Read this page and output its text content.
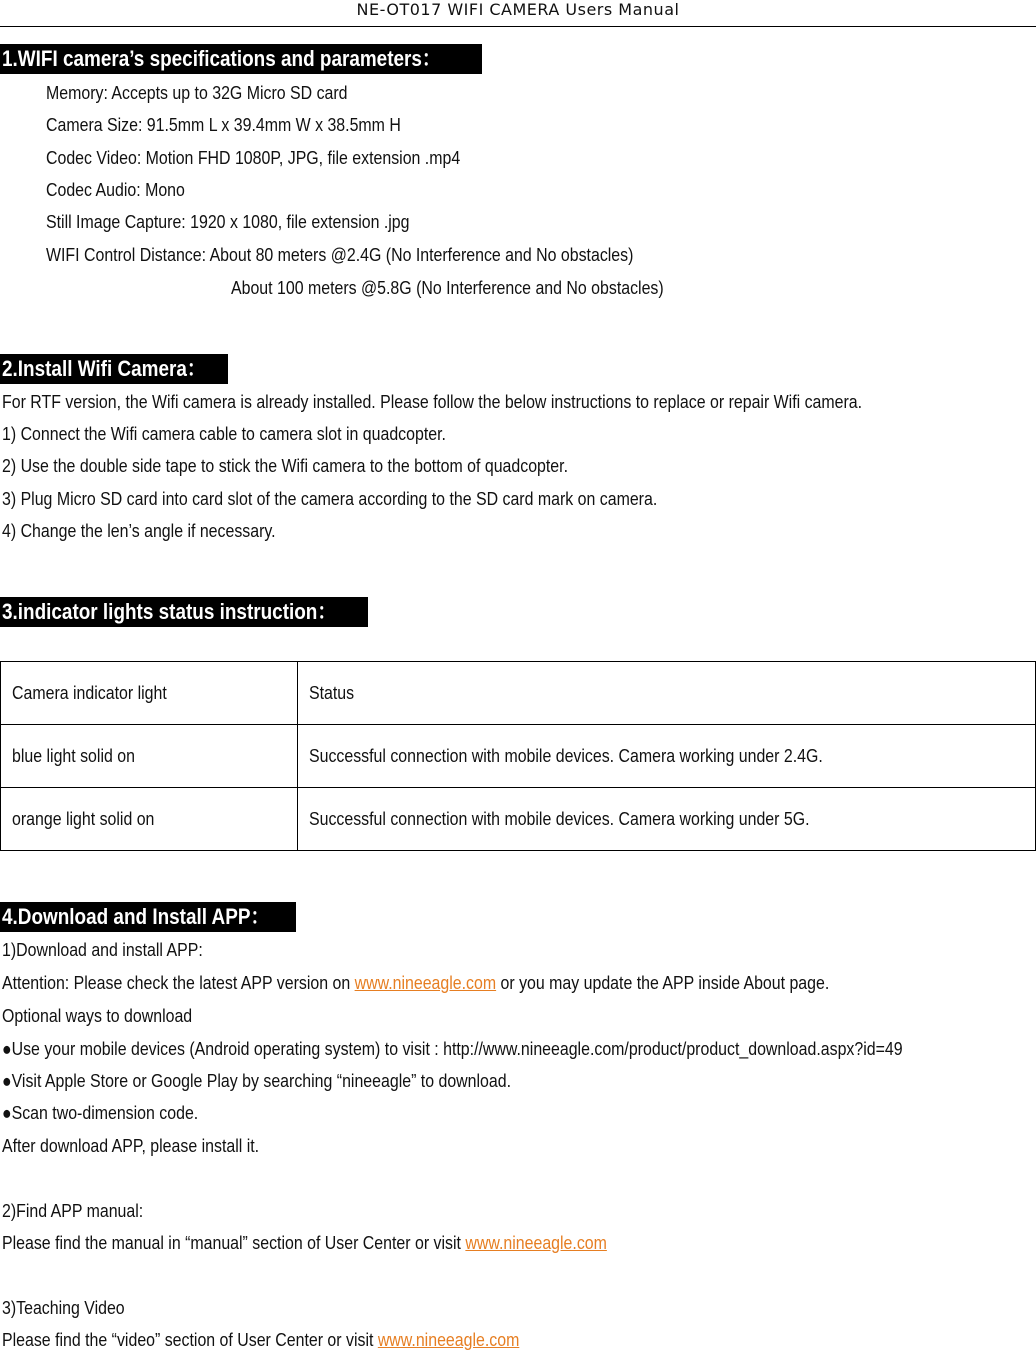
NE-OT017 WIFI CAMERA Users Manual
1.WIFI camera’s specifications and parameters：
Memory: Accepts up to 32G Micro SD card
Camera Size: 91.5mm L x 39.4mm W x 38.5mm H
Codec Video: Motion FHD 1080P, JPG, file extension .mp4
Codec Audio: Mono
Still Image Capture: 1920 x 1080, file extension .jpg
WIFI Control Distance: About 80 meters @2.4G (No Interference and No obstacles)
About 100 meters @5.8G (No Interference and No obstacles)
2.Install Wifi Camera：
For RTF version, the Wifi camera is already installed. Please follow the below instructions to replace or repair Wifi camera.
1) Connect the Wifi camera cable to camera slot in quadcopter.
2) Use the double side tape to stick the Wifi camera to the bottom of quadcopter.
3) Plug Micro SD card into card slot of the camera according to the SD card mark on camera.
4) Change the len’s angle if necessary.
3.indicator lights status instruction：
Camera indicator light	Status
blue light solid on	Successful connection with mobile devices. Camera working under 2.4G.
orange light solid on	Successful connection with mobile devices. Camera working under 5G.
4.Download and Install APP：
1)Download and install APP:
Attention: Please check the latest APP version on www.nineeagle.com or you may update the APP inside About page.
Optional ways to download
●Use your mobile devices (Android operating system) to visit : http://www.nineeagle.com/product/product_download.aspx?id=49
●Visit Apple Store or Google Play by searching “nineeagle” to download.
●Scan two-dimension code.
After download APP, please install it.
2)Find APP manual:
Please find the manual in “manual” section of User Center or visit www.nineeagle.com
3)Teaching Video
Please find the “video” section of User Center or visit www.nineeagle.com
